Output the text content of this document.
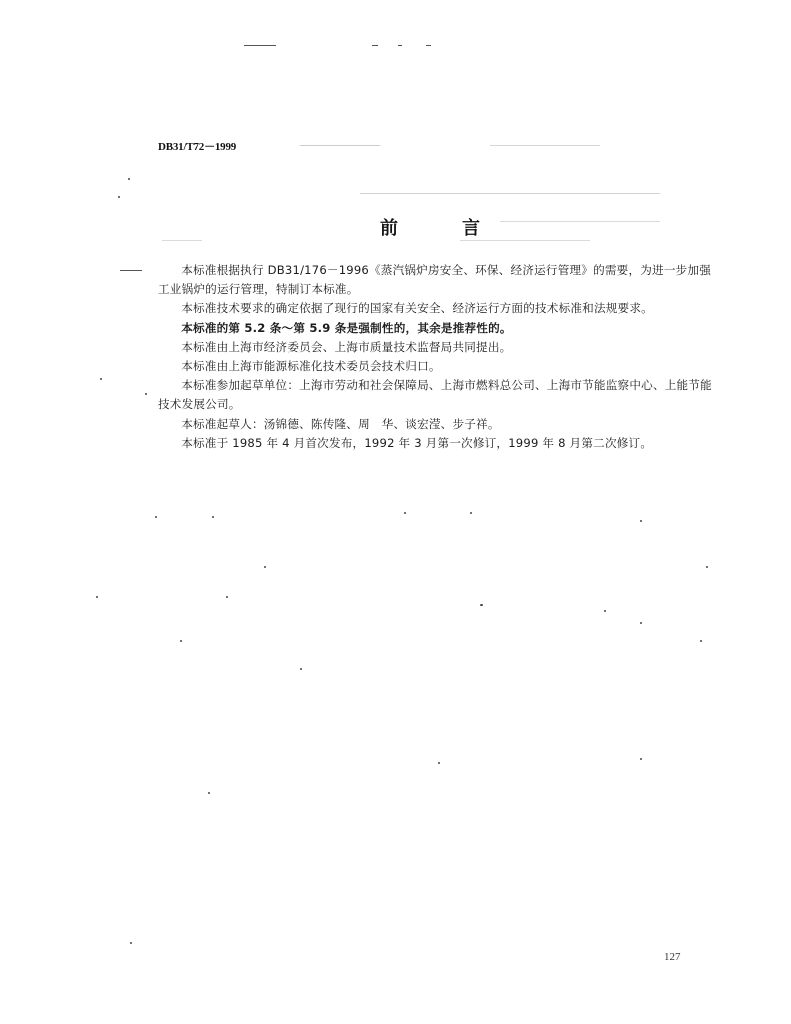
DB31/T72－1999
前	言

本标准根据执行 DB31/176－1996《蒸汽锅炉房安全、环保、经济运行管理》的需要，为进一步加强工业锅炉的运行管理，特制订本标准。

本标准技术要求的确定依据了现行的国家有关安全、经济运行方面的技术标准和法规要求。

本标准的第 5.2 条～第 5.9 条是强制性的，其余是推荐性的。

本标准由上海市经济委员会、上海市质量技术监督局共同提出。

本标准由上海市能源标准化技术委员会技术归口。

本标准参加起草单位：上海市劳动和社会保障局、上海市燃料总公司、上海市节能监察中心、上能节能技术发展公司。

本标准起草人：汤锦德、陈传隆、周　华、谈宏滢、步子祥。

本标准于 1985 年 4 月首次发布，1992 年 3 月第一次修订，1999 年 8 月第二次修订。

127
